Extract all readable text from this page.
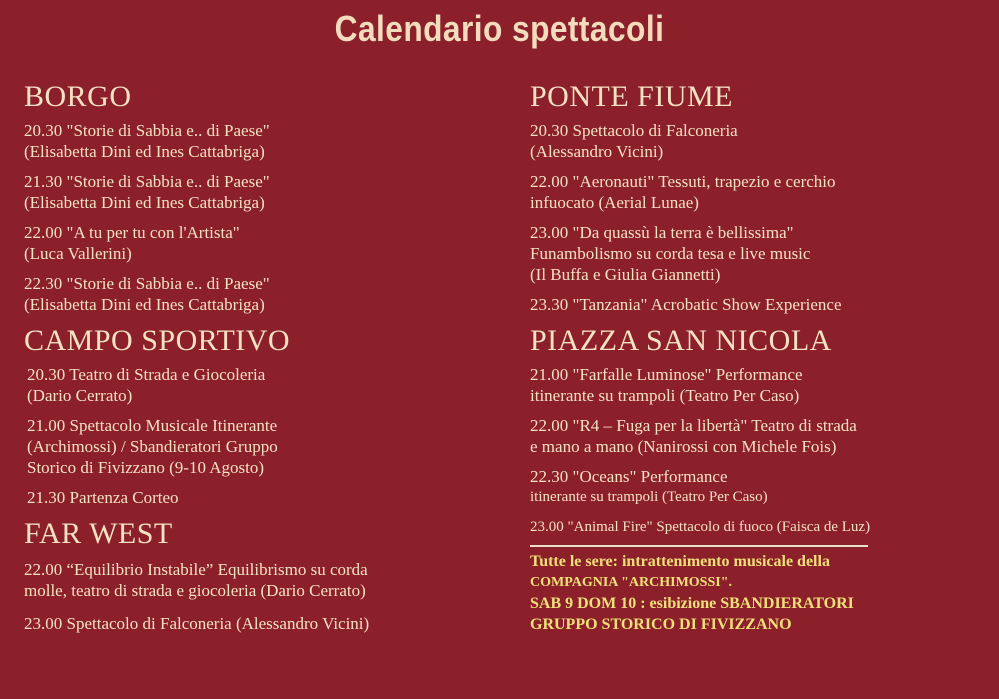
Calendario spettacoli
BORGO
20.30 "Storie di Sabbia e.. di Paese"
(Elisabetta Dini ed Ines Cattabriga)
21.30 "Storie di Sabbia e.. di Paese"
(Elisabetta Dini ed Ines Cattabriga)
22.00 "A tu per tu con l'Artista"
(Luca Vallerini)
22.30 "Storie di Sabbia e.. di Paese"
(Elisabetta Dini ed Ines Cattabriga)
CAMPO SPORTIVO
20.30 Teatro di Strada e Giocoleria
(Dario Cerrato)
21.00 Spettacolo Musicale Itinerante
(Archimossi) / Sbandieratori Gruppo
Storico di Fivizzano (9-10 Agosto)
21.30 Partenza Corteo
FAR WEST
22.00 “Equilibrio Instabile” Equilibrismo su corda
molle, teatro di strada e giocoleria (Dario Cerrato)
23.00 Spettacolo di Falconeria (Alessandro Vicini)
PONTE FIUME
20.30 Spettacolo di Falconeria
(Alessandro Vicini)
22.00 "Aeronauti" Tessuti, trapezio e cerchio
infuocato (Aerial Lunae)
23.00 "Da quassù la terra è bellissima"
Funambolismo su corda tesa e live music
(Il Buffa e Giulia Giannetti)
23.30 "Tanzania" Acrobatic Show Experience
PIAZZA SAN NICOLA
21.00 "Farfalle Luminose" Performance
itinerante su trampoli (Teatro Per Caso)
22.00 "R4 – Fuga per la libertà" Teatro di strada
e mano a mano (Nanirossi con Michele Fois)
22.30 "Oceans" Performance
itinerante su trampoli (Teatro Per Caso)
23.00 "Animal Fire" Spettacolo di fuoco (Faisca de Luz)
Tutte le sere: intrattenimento musicale della
COMPAGNIA "ARCHIMOSSI".
SAB 9 DOM 10 : esibizione SBANDIERATORI
GRUPPO STORICO DI FIVIZZANO
